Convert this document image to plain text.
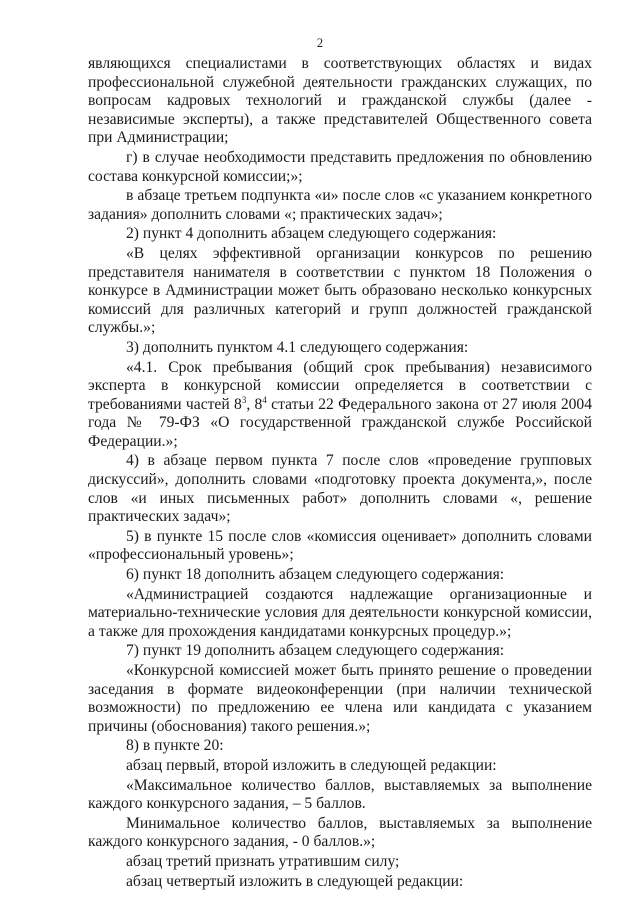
2

являющихся специалистами в соответствующих областях и видах профессиональной служебной деятельности гражданских служащих, по вопросам кадровых технологий и гражданской службы (далее - независимые эксперты), а также представителей Общественного совета при Администрации;

г) в случае необходимости представить предложения по обновлению состава конкурсной комиссии;»;

в абзаце третьем подпункта «и» после слов «с указанием конкретного задания» дополнить словами «; практических задач»;

2) пункт 4 дополнить абзацем следующего содержания:

«В целях эффективной организации конкурсов по решению представителя нанимателя в соответствии с пунктом 18 Положения о конкурсе в Администрации может быть образовано несколько конкурсных комиссий для различных категорий и групп должностей гражданской службы.»;

3) дополнить пунктом 4.1 следующего содержания:

«4.1. Срок пребывания (общий срок пребывания) независимого эксперта в конкурсной комиссии определяется в соответствии с требованиями частей $8^3$, $8^4$ статьи 22 Федерального закона от 27 июля 2004 года № 79-ФЗ «О государственной гражданской службе Российской Федерации.»;

4) в абзаце первом пункта 7 после слов «проведение групповых дискуссий», дополнить словами «подготовку проекта документа,», после слов «и иных письменных работ» дополнить словами «, решение практических задач»;

5) в пункте 15 после слов «комиссия оценивает» дополнить словами «профессиональный уровень»;

6) пункт 18 дополнить абзацем следующего содержания:

«Администрацией создаются надлежащие организационные и материально-технические условия для деятельности конкурсной комиссии, а также для прохождения кандидатами конкурсных процедур.»;

7) пункт 19 дополнить абзацем следующего содержания:

«Конкурсной комиссией может быть принято решение о проведении заседания в формате видеоконференции (при наличии технической возможности) по предложению ее члена или кандидата с указанием причины (обоснования) такого решения.»;

8) в пункте 20:

абзац первый, второй изложить в следующей редакции:

«Максимальное количество баллов, выставляемых за выполнение каждого конкурсного задания, – 5 баллов.

Минимальное количество баллов, выставляемых за выполнение каждого конкурсного задания, - 0 баллов.»;

абзац третий признать утратившим силу;

абзац четвертый изложить в следующей редакции:
